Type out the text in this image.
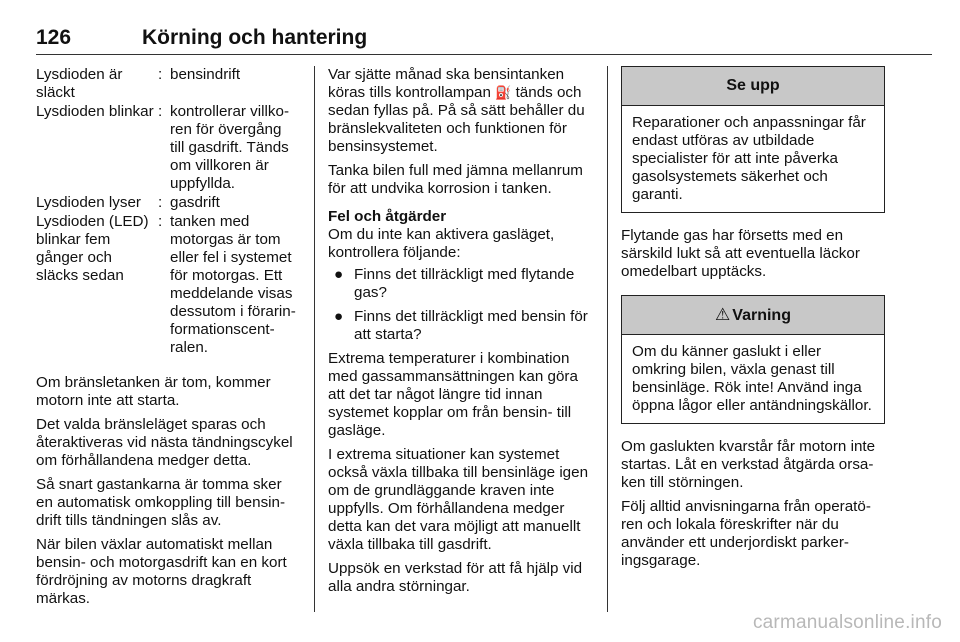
126	Körning och hantering
Lysdioden är släckt
: bensindrift
Lysdioden blinkar : kontrollerar villkoren för övergång till gasdrift. Tänds om villkoren är uppfyllda.
Lysdioden lyser	: gasdrift
Lysdioden (LED) blinkar fem gånger och släcks sedan
: tanken med motorgas är tom eller fel i systemet för motorgas. Ett meddelande visas dessutom i förarinformationscentralen.

Om bränsletanken är tom, kommer motorn inte att starta.

Det valda bränsleläget sparas och återaktiveras vid nästa tändningscykel om förhållandena medger detta.

Så snart gastankarna är tomma sker en automatisk omkoppling till bensindrift tills tändningen slås av.

När bilen växlar automatiskt mellan bensin- och motorgasdrift kan en kort fördröjning av motorns dragkraft märkas.

Var sjätte månad ska bensintanken köras tills kontrollampan ⛽ tänds och sedan fyllas på. På så sätt behåller du bränslekvaliteten och funktionen för bensinsystemet.

Tanka bilen full med jämna mellanrum för att undvika korrosion i tanken.

Fel och åtgärder

Om du inte kan aktivera gasläget, kontrollera följande:

● Finns det tillräckligt med flytande gas?
● Finns det tillräckligt med bensin för att starta?

Extrema temperaturer i kombination med gassammansättningen kan göra att det tar något längre tid innan systemet kopplar om från bensin- till gasläge.

I extrema situationer kan systemet också växla tillbaka till bensinläge igen om de grundläggande kraven inte uppfylls. Om förhållandena medger detta kan det vara möjligt att manuellt växla tillbaka till gasdrift.

Uppsök en verkstad för att få hjälp vid alla andra störningar.

Se upp
Reparationer och anpassningar får endast utföras av utbildade specialister för att inte påverka gasolsystemets säkerhet och garanti.

Flytande gas har försetts med en särskild lukt så att eventuella läckor omedelbart upptäcks.

⚠ Varning
Om du känner gaslukt i eller omkring bilen, växla genast till bensinläge. Rök inte! Använd inga öppna lågor eller antändningskällor.

Om gaslukten kvarstår får motorn inte startas. Låt en verkstad åtgärda orsaken till störningen.

Följ alltid anvisningarna från operatören och lokala föreskrifter när du använder ett underjordiskt parkeringsgarage.

carmanualsonline.info
